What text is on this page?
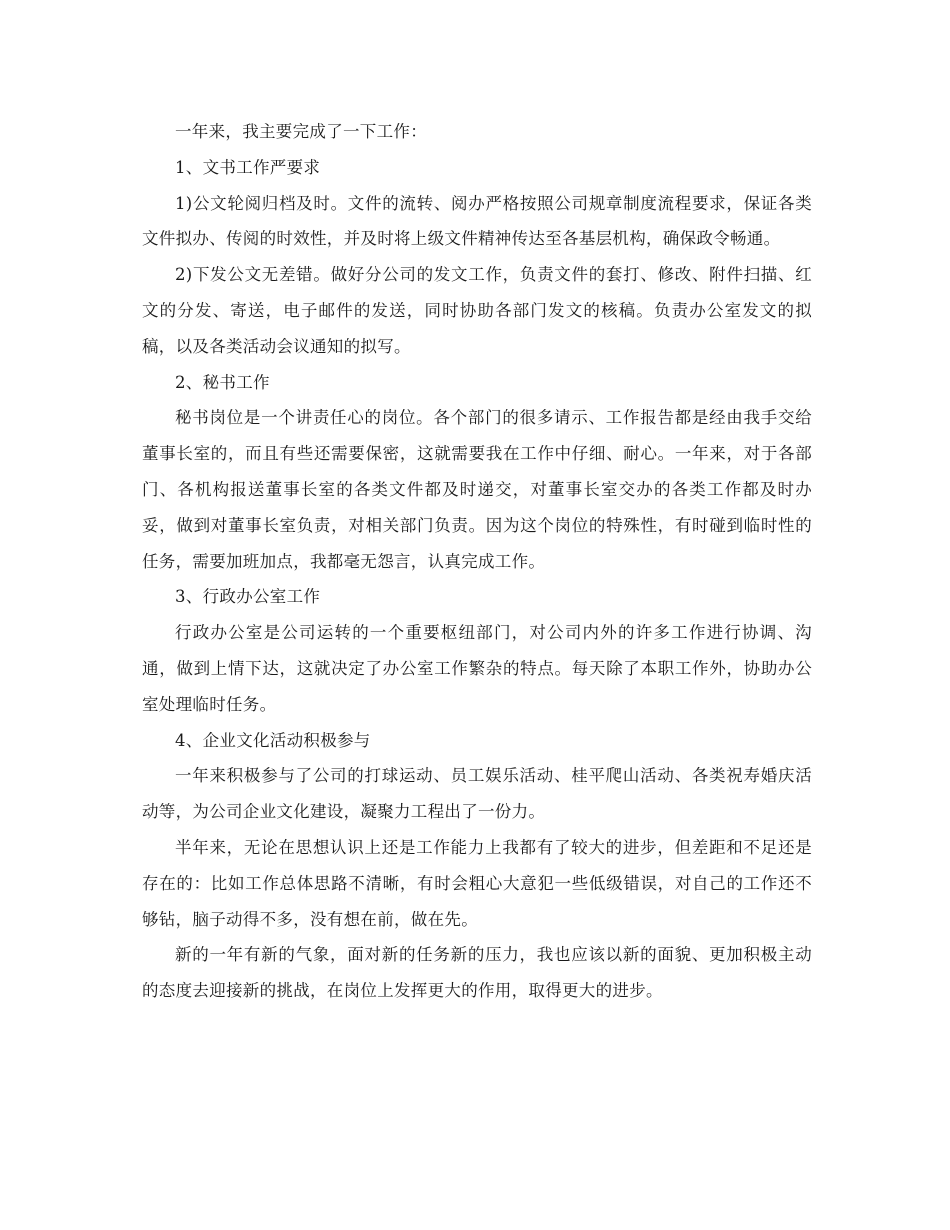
一年来，我主要完成了一下工作：

1、文书工作严要求

1)公文轮阅归档及时。文件的流转、阅办严格按照公司规章制度流程要求，保证各类文件拟办、传阅的时效性，并及时将上级文件精神传达至各基层机构，确保政令畅通。

2)下发公文无差错。做好分公司的发文工作，负责文件的套打、修改、附件扫描、红文的分发、寄送，电子邮件的发送，同时协助各部门发文的核稿。负责办公室发文的拟稿，以及各类活动会议通知的拟写。

2、秘书工作

秘书岗位是一个讲责任心的岗位。各个部门的很多请示、工作报告都是经由我手交给董事长室的，而且有些还需要保密，这就需要我在工作中仔细、耐心。一年来，对于各部门、各机构报送董事长室的各类文件都及时递交，对董事长室交办的各类工作都及时办妥，做到对董事长室负责，对相关部门负责。因为这个岗位的特殊性，有时碰到临时性的任务，需要加班加点，我都毫无怨言，认真完成工作。

3、行政办公室工作

行政办公室是公司运转的一个重要枢纽部门，对公司内外的许多工作进行协调、沟通，做到上情下达，这就决定了办公室工作繁杂的特点。每天除了本职工作外，协助办公室处理临时任务。

4、企业文化活动积极参与

一年来积极参与了公司的打球运动、员工娱乐活动、桂平爬山活动、各类祝寿婚庆活动等，为公司企业文化建设，凝聚力工程出了一份力。

半年来，无论在思想认识上还是工作能力上我都有了较大的进步，但差距和不足还是存在的：比如工作总体思路不清晰，有时会粗心大意犯一些低级错误，对自己的工作还不够钻，脑子动得不多，没有想在前，做在先。

新的一年有新的气象，面对新的任务新的压力，我也应该以新的面貌、更加积极主动的态度去迎接新的挑战，在岗位上发挥更大的作用，取得更大的进步。
